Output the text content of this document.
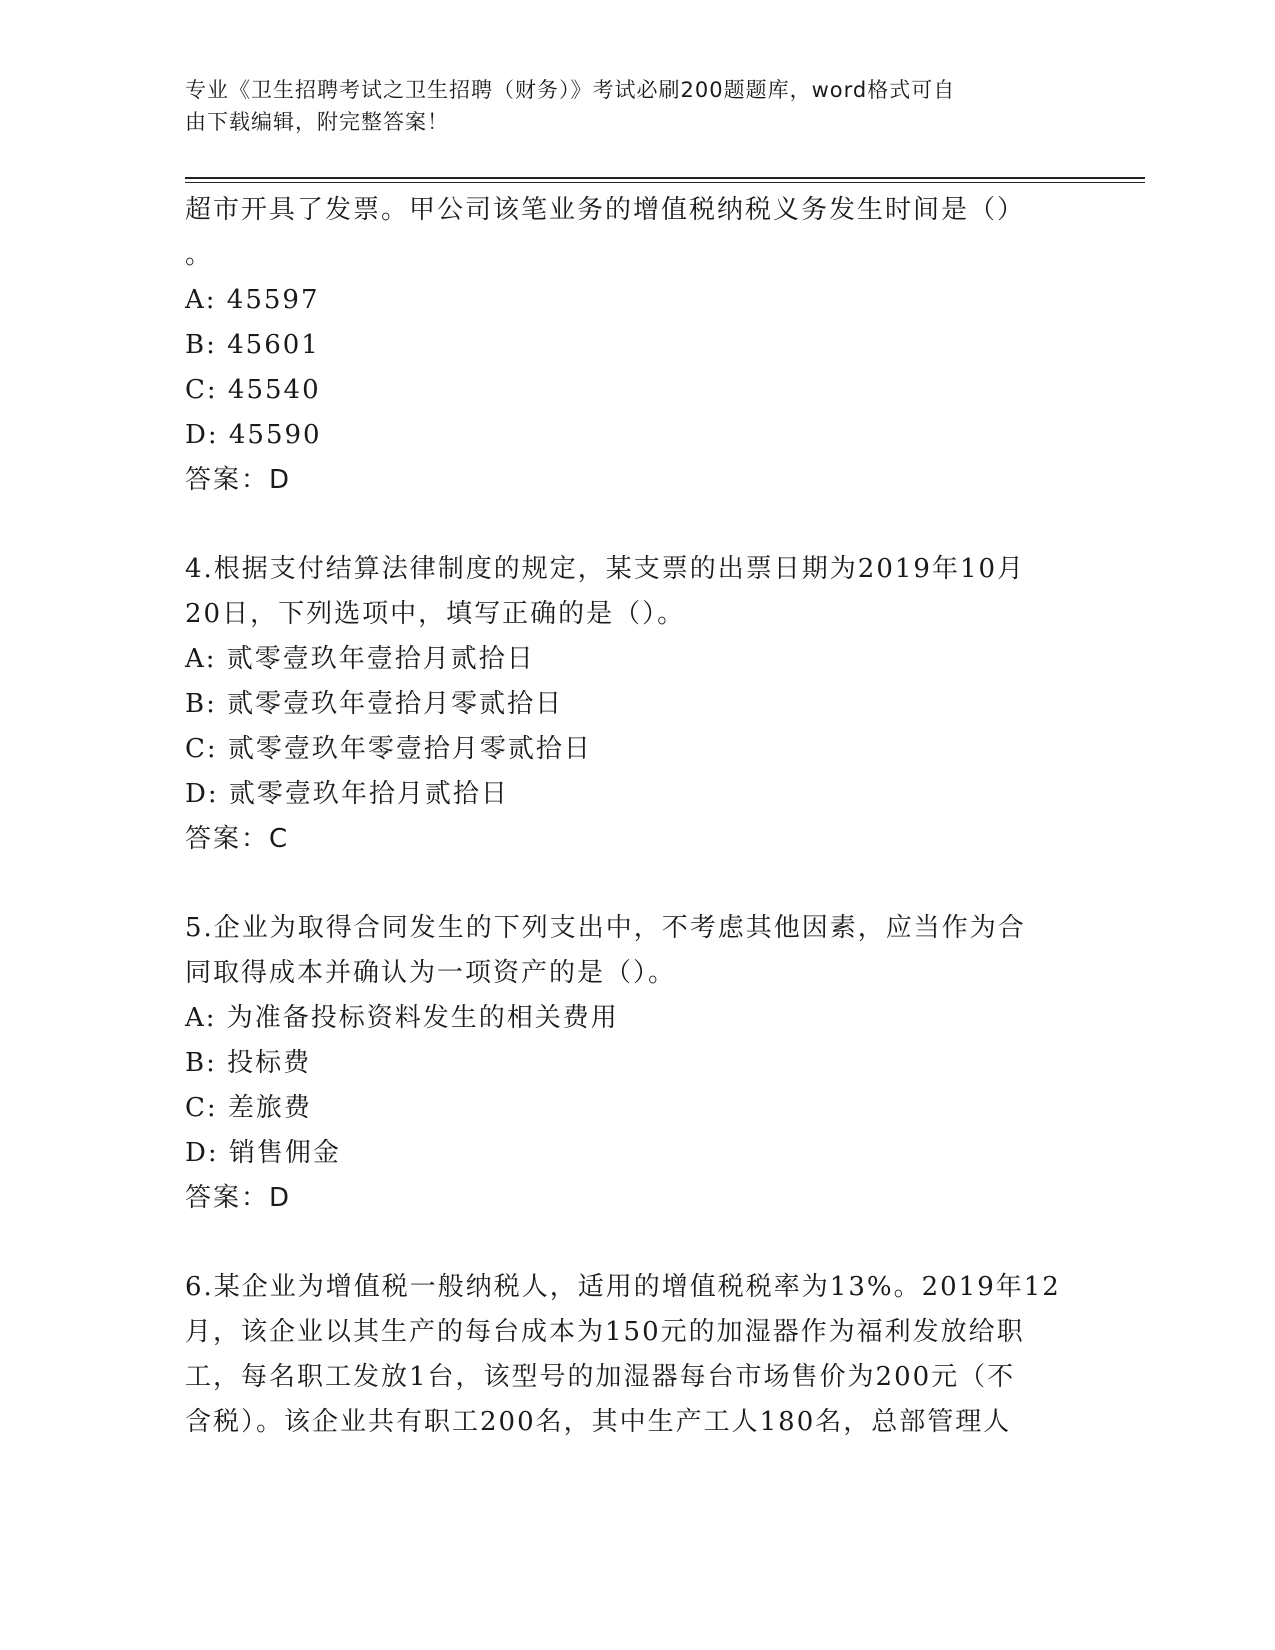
专业《卫生招聘考试之卫生招聘（财务）》考试必刷200题题库，word格式可自
由下载编辑，附完整答案！
超市开具了发票。甲公司该笔业务的增值税纳税义务发生时间是（）
。
A: 45597
B: 45601
C: 45540
D: 45590
答案：D
4.根据支付结算法律制度的规定，某支票的出票日期为2019年10月
20日，下列选项中，填写正确的是（）。
A: 贰零壹玖年壹拾月贰拾日
B: 贰零壹玖年壹拾月零贰拾日
C: 贰零壹玖年零壹拾月零贰拾日
D: 贰零壹玖年拾月贰拾日
答案：C
5.企业为取得合同发生的下列支出中，不考虑其他因素，应当作为合
同取得成本并确认为一项资产的是（）。
A: 为准备投标资料发生的相关费用
B: 投标费
C: 差旅费
D: 销售佣金
答案：D
6.某企业为增值税一般纳税人，适用的增值税税率为13%。2019年12
月，该企业以其生产的每台成本为150元的加湿器作为福利发放给职
工，每名职工发放1台，该型号的加湿器每台市场售价为200元（不
含税）。该企业共有职工200名，其中生产工人180名，总部管理人
